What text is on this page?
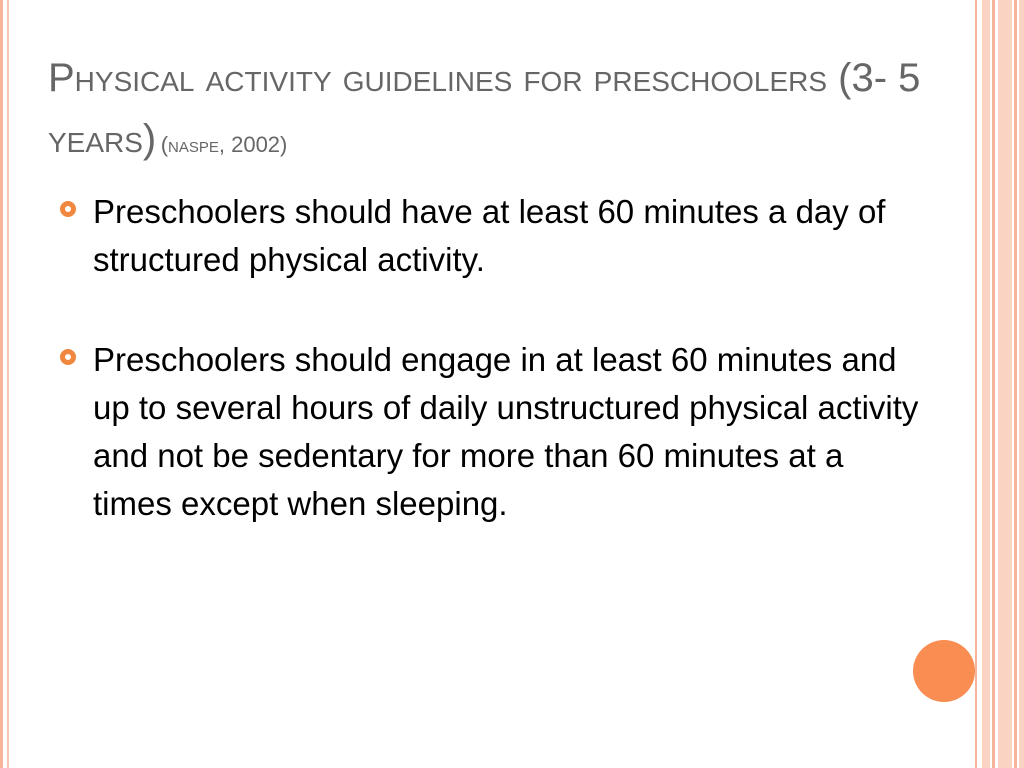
Physical activity guidelines for preschoolers (3- 5 years) (naspe, 2002)
Preschoolers should have at least 60 minutes a day of structured physical activity.
Preschoolers should engage in at least 60 minutes and up to several hours of daily unstructured physical activity and not be sedentary for more than 60 minutes at a times except when sleeping.
